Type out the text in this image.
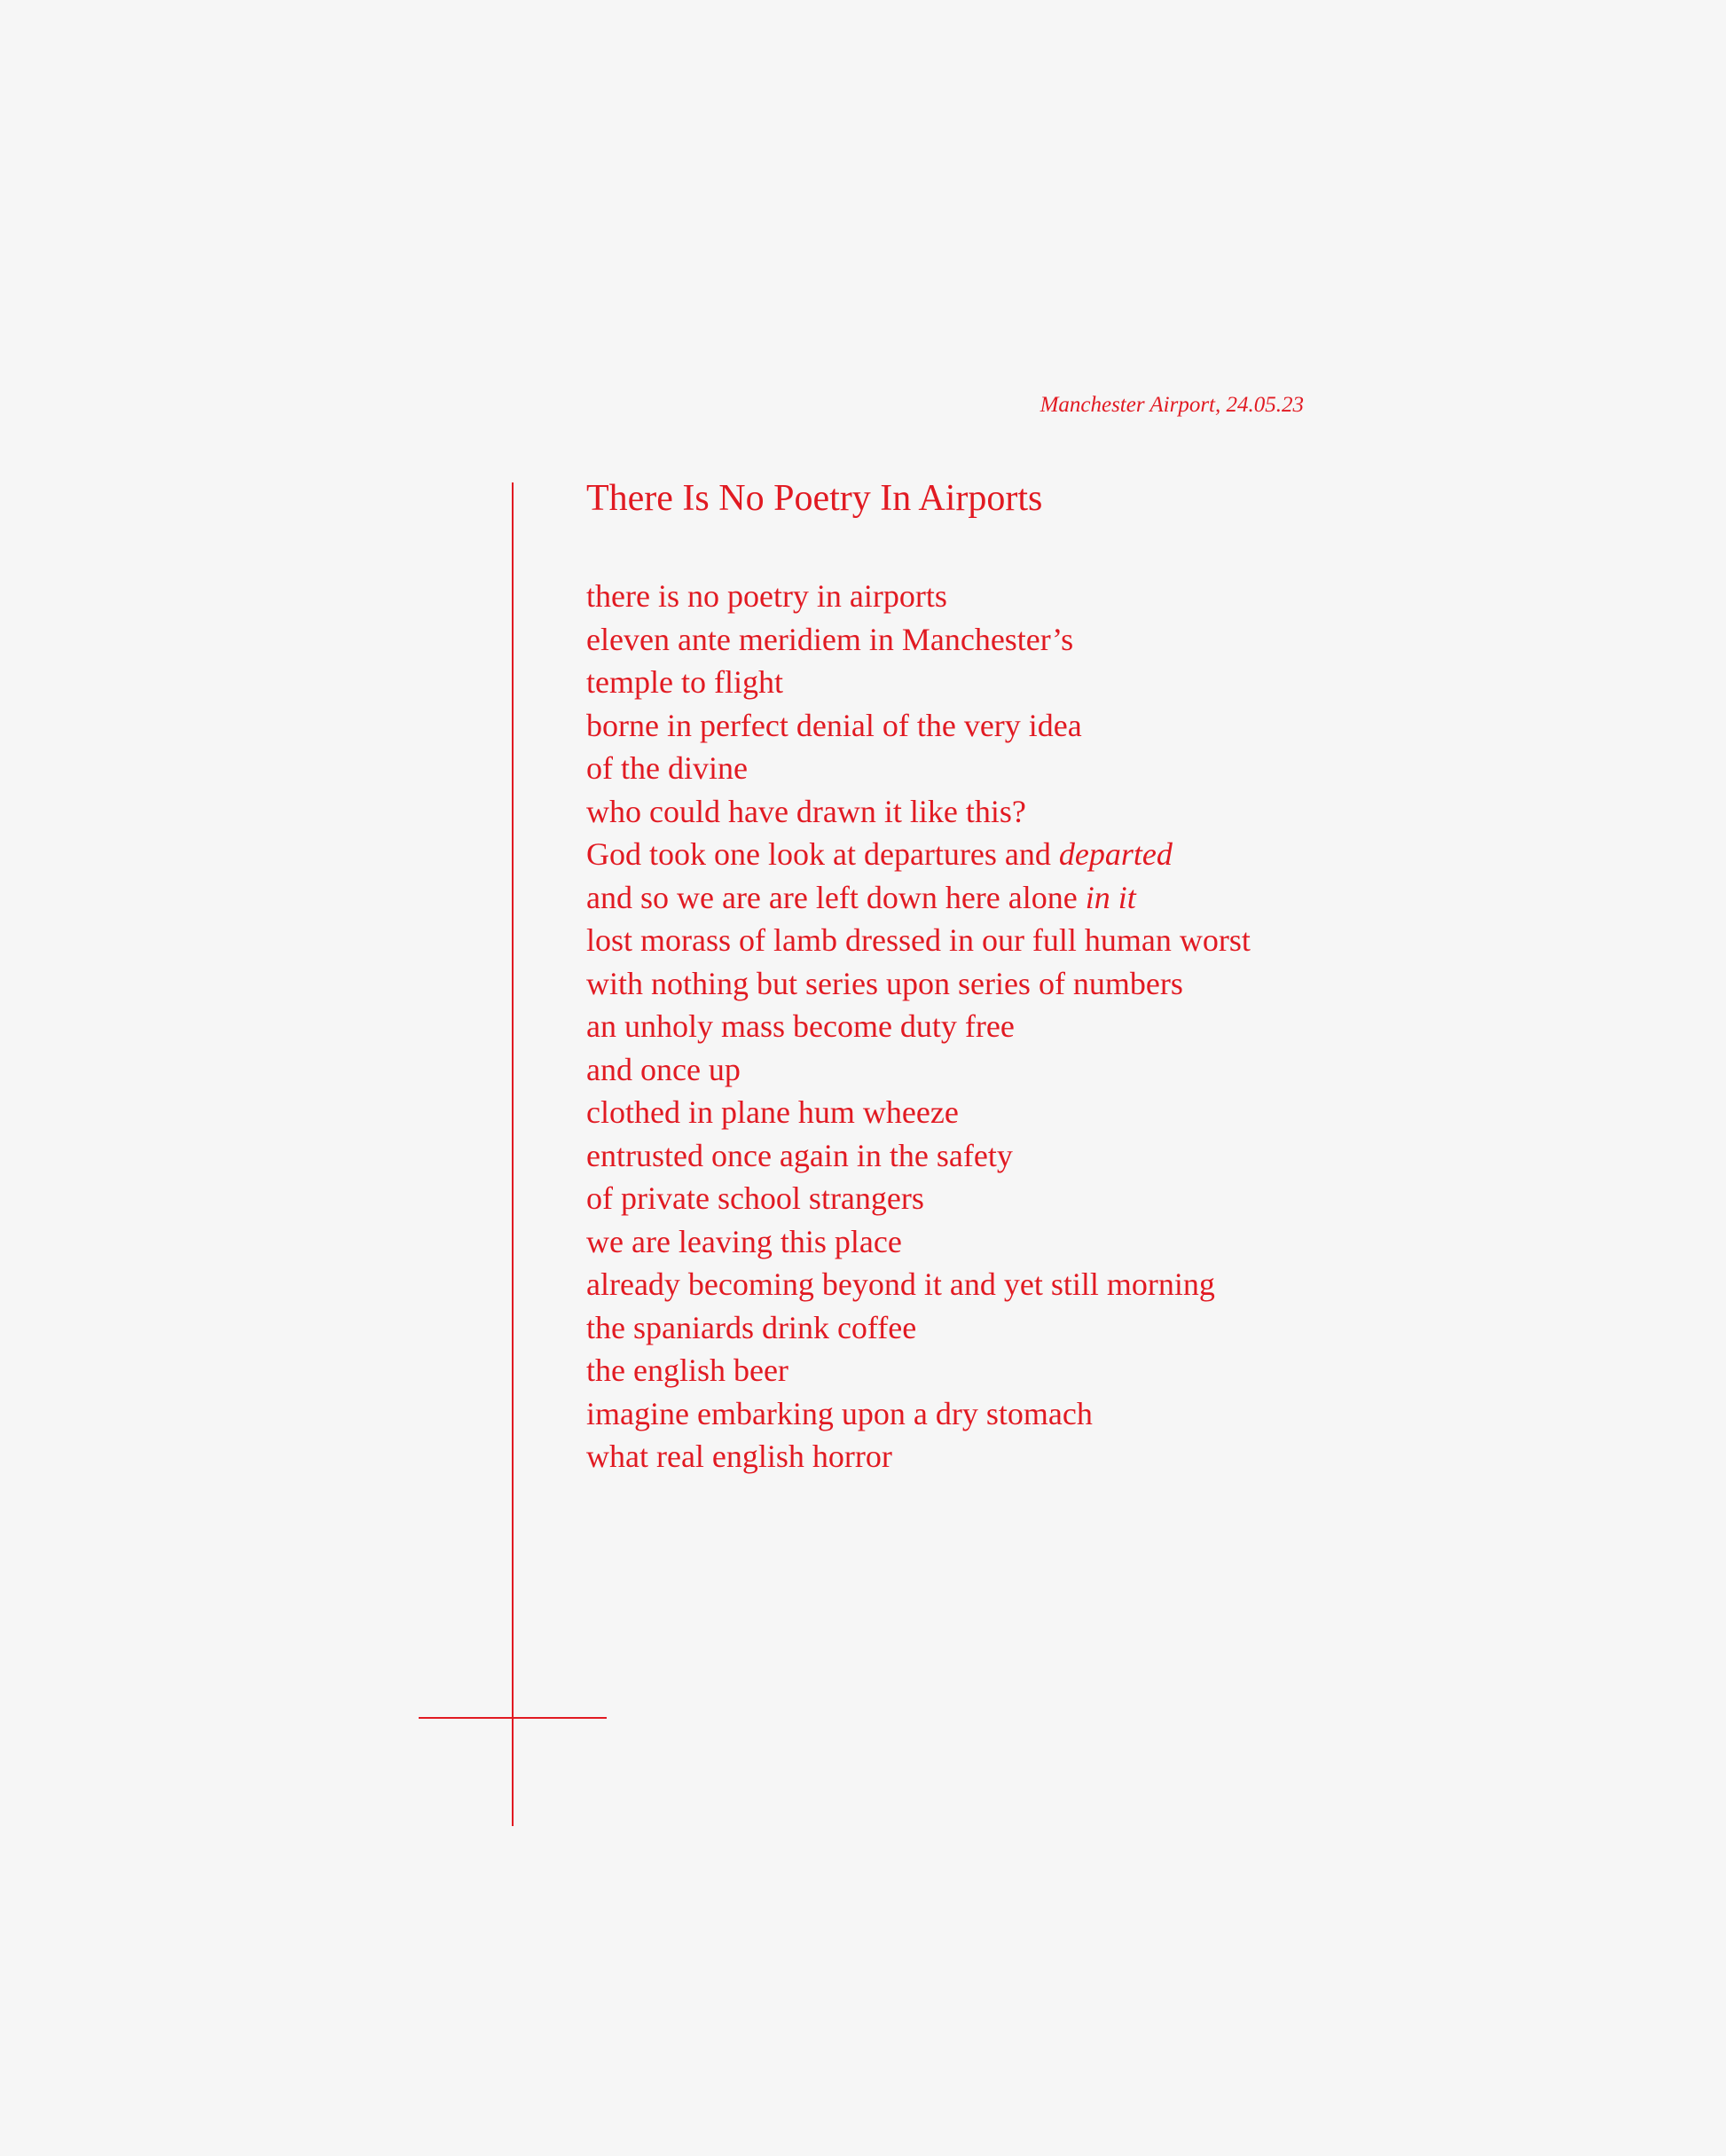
Manchester Airport, 24.05.23
There Is No Poetry In Airports
there is no poetry in airports
eleven ante meridiem in Manchester’s
temple to flight
borne in perfect denial of the very idea
of the divine
who could have drawn it like this?
God took one look at departures and departed
and so we are are left down here alone in it
lost morass of lamb dressed in our full human worst
with nothing but series upon series of numbers
an unholy mass become duty free
and once up
clothed in plane hum wheeze
entrusted once again in the safety
of private school strangers
we are leaving this place
already becoming beyond it and yet still morning
the spaniards drink coffee
the english beer
imagine embarking upon a dry stomach
what real english horror
